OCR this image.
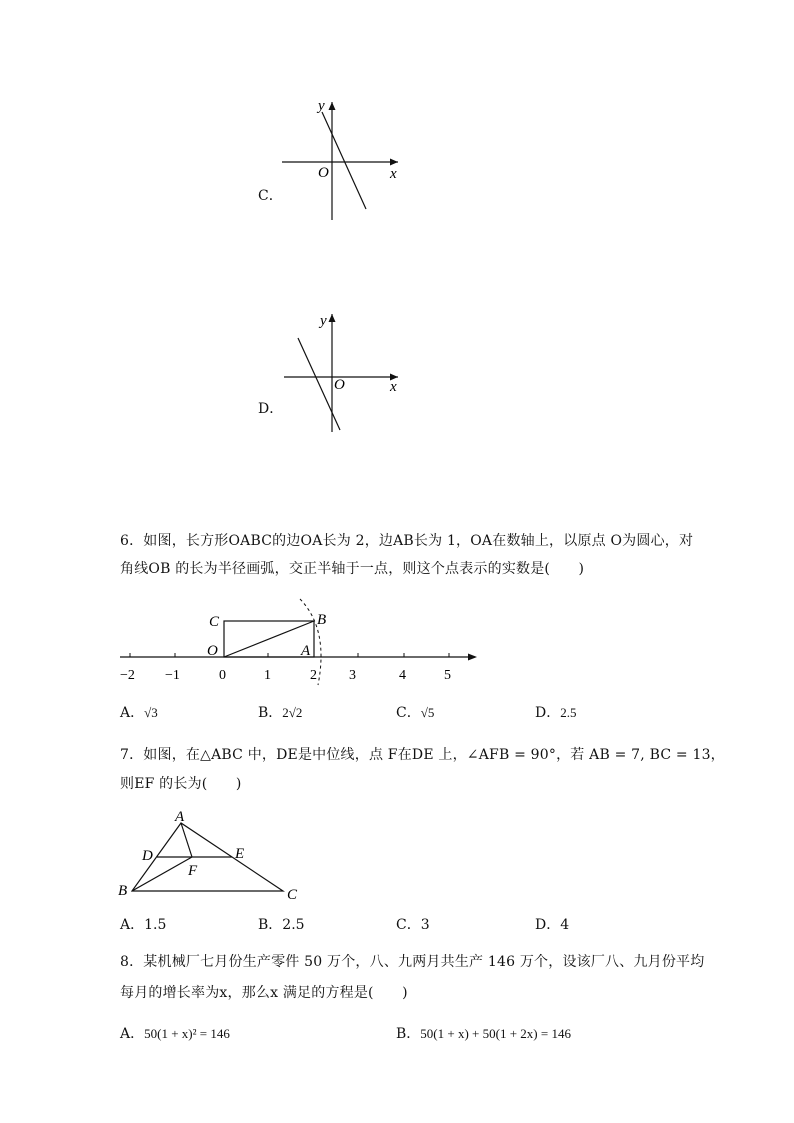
C．
y
x
O
D．
y
x
O
6．如图，长方形OABC的边OA长为 2，边AB长为 1，OA在数轴上，以原点 O为圆心，对
角线OB 的长为半径画弧，交正半轴于一点，则这个点表示的实数是(　　)
C	B
O	A
−2 −1	0	1	2 3	4	5
A．√3	B．2√2	C．√5	D．2.5
7．如图，在△ABC 中，DE是中位线，点 F在DE 上，∠AFB = 90°，若 AB = 7, BC = 13，
则EF 的长为(　　)
A
D	E
F
B	C
A．1.5	B．2.5	C．3	D．4
8．某机械厂七月份生产零件 50 万个，八、九两月共生产 146 万个，设该厂八、九月份平均
每月的增长率为x，那么x 满足的方程是(　　)
A．50(1 + x)² = 146	B．50(1 + x) + 50(1 + 2x) = 146
